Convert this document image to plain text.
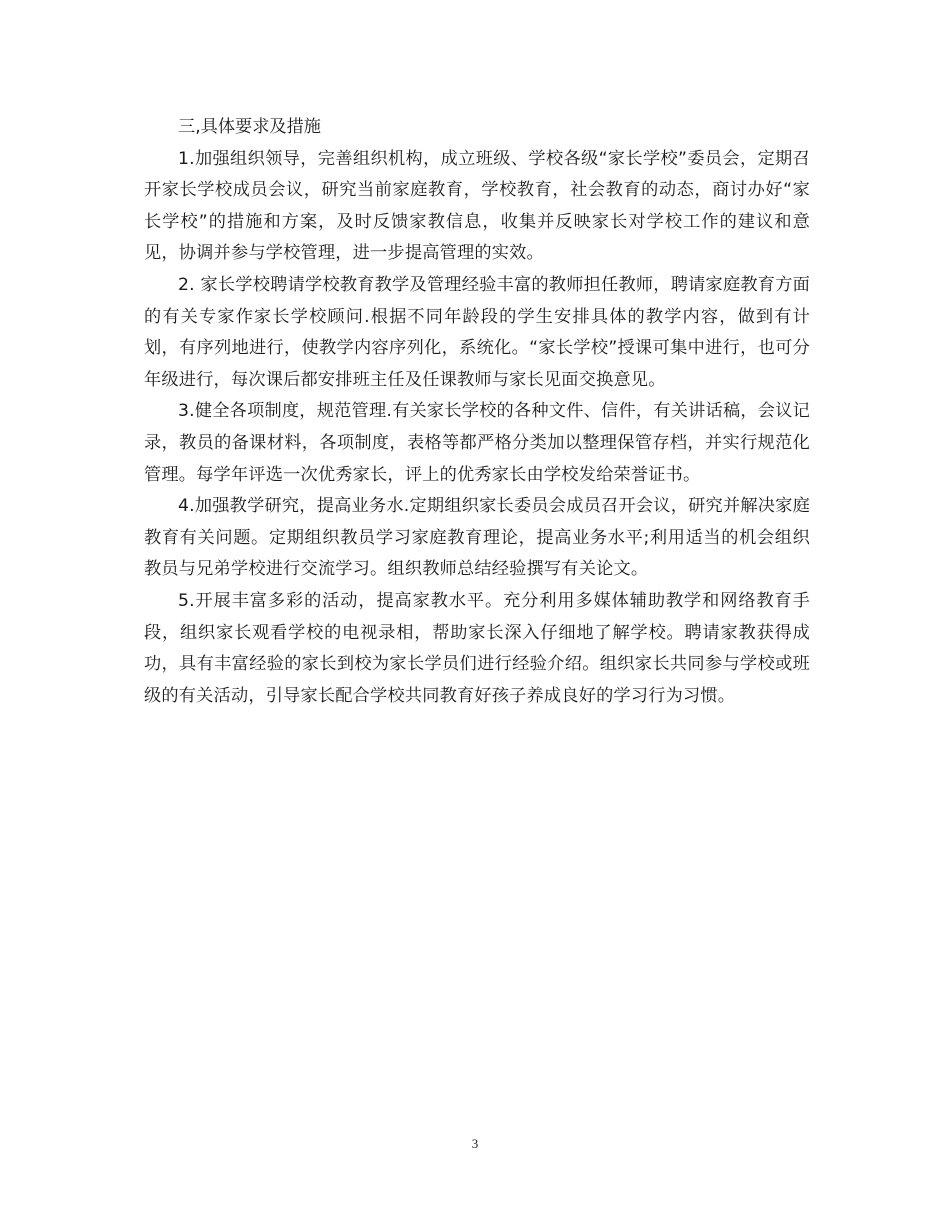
三,具体要求及措施

1.加强组织领导，完善组织机构，成立班级、学校各级“家长学校”委员会，定期召开家长学校成员会议，研究当前家庭教育，学校教育，社会教育的动态，商讨办好“家长学校”的措施和方案，及时反馈家教信息，收集并反映家长对学校工作的建议和意见，协调并参与学校管理，进一步提高管理的实效。

2. 家长学校聘请学校教育教学及管理经验丰富的教师担任教师，聘请家庭教育方面的有关专家作家长学校顾问.根据不同年龄段的学生安排具体的教学内容，做到有计划，有序列地进行，使教学内容序列化，系统化。“家长学校”授课可集中进行，也可分年级进行，每次课后都安排班主任及任课教师与家长见面交换意见。

3.健全各项制度，规范管理.有关家长学校的各种文件、信件，有关讲话稿，会议记录，教员的备课材料，各项制度，表格等都严格分类加以整理保管存档，并实行规范化管理。每学年评选一次优秀家长，评上的优秀家长由学校发给荣誉证书。

4.加强教学研究，提高业务水.定期组织家长委员会成员召开会议，研究并解决家庭教育有关问题。定期组织教员学习家庭教育理论，提高业务水平;利用适当的机会组织教员与兄弟学校进行交流学习。组织教师总结经验撰写有关论文。

5.开展丰富多彩的活动，提高家教水平。充分利用多媒体辅助教学和网络教育手段，组织家长观看学校的电视录相，帮助家长深入仔细地了解学校。聘请家教获得成功，具有丰富经验的家长到校为家长学员们进行经验介绍。组织家长共同参与学校或班级的有关活动，引导家长配合学校共同教育好孩子养成良好的学习行为习惯。

3
